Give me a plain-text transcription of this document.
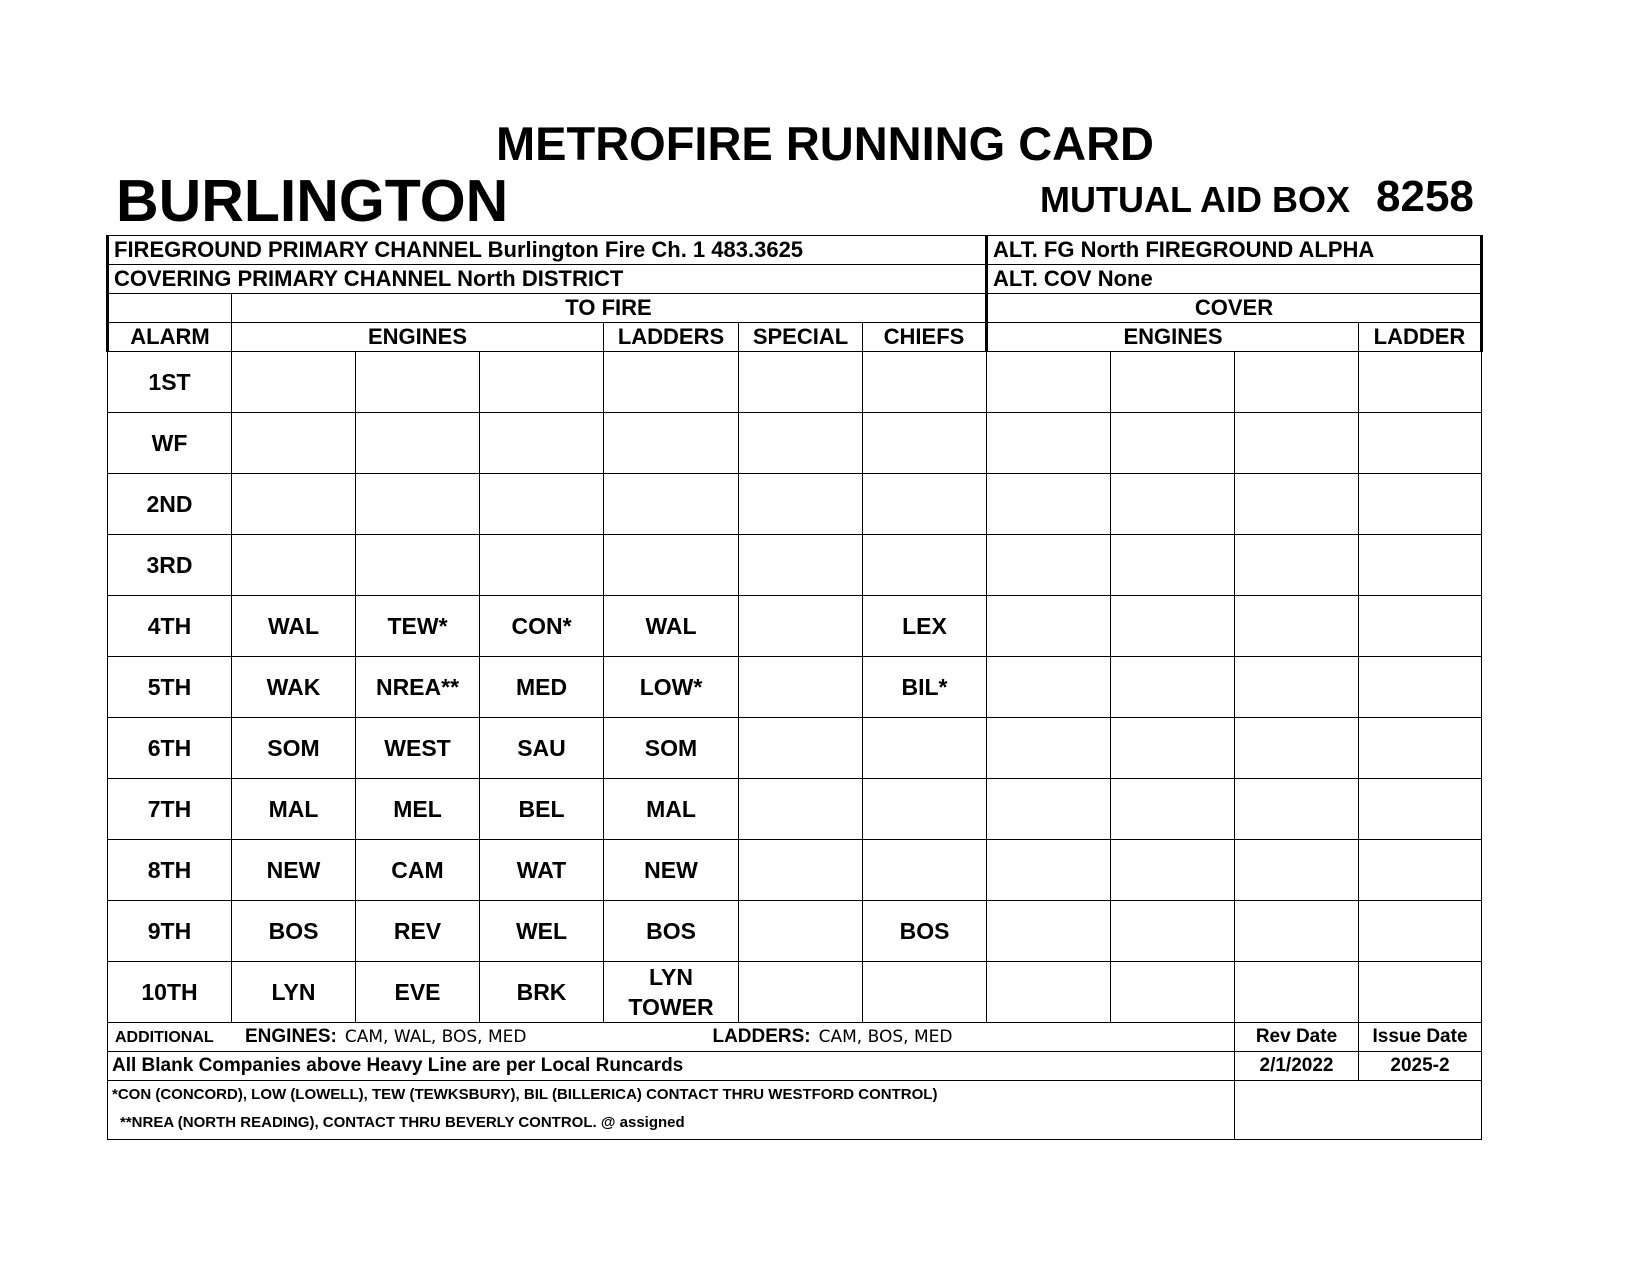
METROFIRE RUNNING CARD
BURLINGTON	MUTUAL AID BOX 8258
FIREGROUND PRIMARY CHANNEL Burlington Fire Ch. 1 483.3625							ALT. FG North FIREGROUND ALPHA			
COVERING PRIMARY CHANNEL North DISTRICT							ALT. COV None			
	TO FIRE						COVER			
ALARM	ENGINES			LADDERS	SPECIAL	CHIEFS	ENGINES			LADDER
1ST										
WF										
2ND										
3RD										
4TH	WAL	TEW*	CON*	WAL		LEX				
5TH	WAK	NREA**	MED	LOW*		BIL*				
6TH	SOM	WEST	SAU	SOM						
7TH	MAL	MEL	BEL	MAL						
8TH	NEW	CAM	WAT	NEW						
9TH	BOS	REV	WEL	BOS		BOS				
10TH	LYN	EVE	BRK	LYN TOWER						
ADDITIONAL ENGINES: CAM, WAL, BOS, MED LADDERS: CAM, BOS, MED									Rev Date	Issue Date
All Blank Companies above Heavy Line are per Local Runcards									2/1/2022	2025-2
*CON (CONCORD), LOW (LOWELL), TEW (TEWKSBURY), BIL (BILLERICA) CONTACT THRU WESTFORD CONTROL)
**NREA (NORTH READING), CONTACT THRU BEVERLY CONTROL. @ assigned										
